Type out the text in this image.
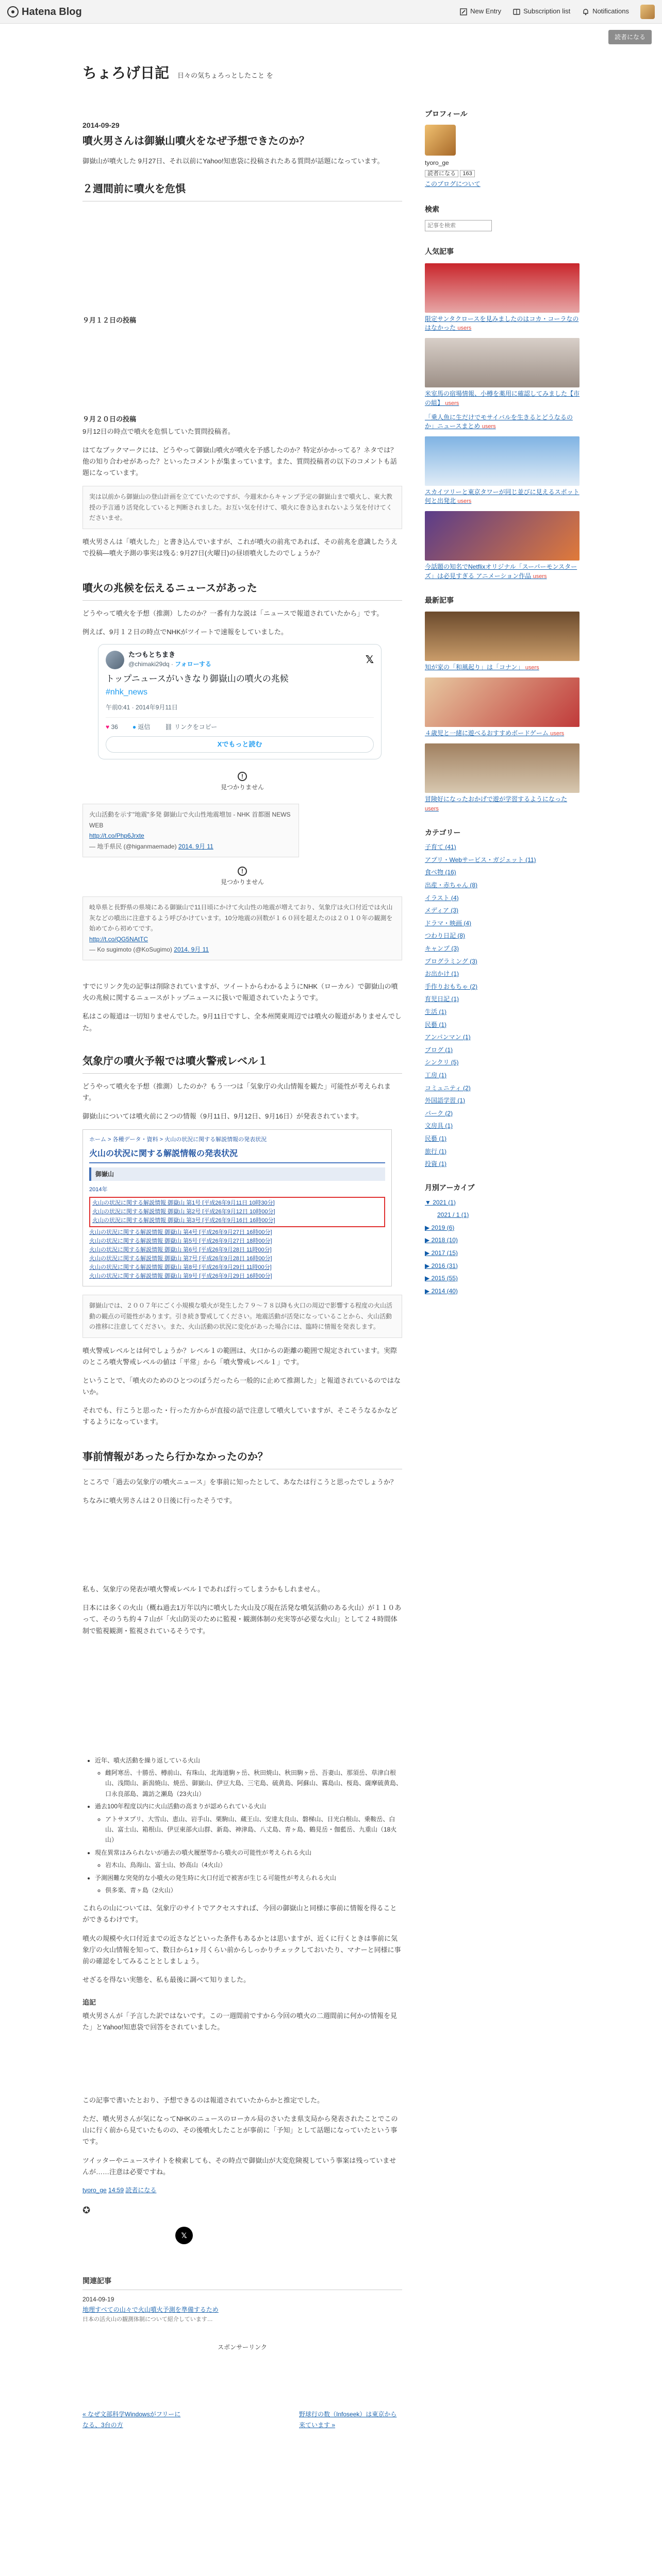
Hatena Blog	New Entry	Subscription list	Notifications
読者になる
ちょろげ日記 日々の気ちょろっとしたこと を
2014-09-29
噴火男さんは御嶽山噴火をなぜ予想できたのか？

御嶽山が噴火した 9月27日、それ以前にYahoo!知恵袋に投稿されたある質問が話題になっています。

２週間前に噴火を危惧
９月１２日の投稿
９月２０日の投稿

9月12日の時点で噴火を危惧していた質問投稿者。

はてなブックマークには、どうやって御嶽山噴火が噴火を予感したのか？特定がかかってる？ネタでは？他の知り合わせがあった？といったコメントが集まっています。また、質問投稿者の以下のコメントも話題になっています。

実は以前から御嶽山の登山計画を立てていたのですが、今週末からキャンプ予定の御嶽山まで噴火し、東大教授の予言通り活発化していると判断されました。お互い気を付けて、噴火に巻き込まれないよう気を付けてくださいませ。

噴火男さんは「噴火した」と書き込んでいますが、これが噴火の前兆であれば、その前兆を意識したうえで投稿—噴火予測の事実は残る: 9月27日(火曜日)の昼頃噴火したのでしょうか？

噴火の兆候を伝えるニュースがあった

どうやって噴火を予想（推測）したのか？一番有力な説は「ニュースで報道されていたから」です。

例えば、9月１２日の時点でNHKがツイートで速報をしていました。

たつもとちまき
@chimaki29dq · フォローする	𝕏
トップニュースがいきなり御嶽山の噴火の兆候
#nhk_news
午前0:41 · 2014年9月11日
♥ 36 ● 返信 ⛓ リンクをコピー
Xでもっと読む
!
見つかりません
火山活動を示す"地震"多発 御嶽山で火山性地震増加 - NHK 首都圏 NEWS WEB
http://t.co/Php6Jrxte
— 地手県民 (@higanmaemade) 2014. 9月 11
!
見つかりません
岐阜県と長野県の県境にある御嶽山で11日頃にかけて火山性の地震が増えており、気象庁は火口付近では火山灰などの噴出に注意するよう呼びかけています。10分地震の回数が１６０回を超えたのは２０１０年の観測を始めてから初めてです。
http://t.co/QG5NAtTC
— Ko sugimoto (@KoSugimo) 2014. 9月 11

すでにリンク先の記事は削除されていますが、ツイートからわかるようにNHK（ローカル）で御嶽山の噴火の兆候に関するニュースがトップニュースに扱いで報道されていたようです。

私はこの報道は一切知りませんでした。9月11日ですし、全本州関東周辺では噴火の報道がありませんでした。

気象庁の噴火予報では噴火警戒レベル１

どうやって噴火を予想（推測）したのか？もう一つは「気象庁の火山情報を観た」可能性が考えられます。

御嶽山については噴火前に２つの情報（9月11日、9月12日、9月16日）が発表されています。

ホーム > 各種データ・資料 > 火山の状況に関する解説情報の発表状況
火山の状況に関する解説情報の発表状況
御嶽山
2014年
火山の状況に関する解説情報 御嶽山 第1号 [平成26年9月11日 10時30分]
火山の状況に関する解説情報 御嶽山 第2号 [平成26年9月12日 10時00分]
火山の状況に関する解説情報 御嶽山 第3号 [平成26年9月16日 16時00分]
火山の状況に関する解説情報 御嶽山 第4号 [平成26年9月27日 16時00分]
火山の状況に関する解説情報 御嶽山 第5号 [平成26年9月27日 18時00分]
火山の状況に関する解説情報 御嶽山 第6号 [平成26年9月28日 11時00分]
火山の状況に関する解説情報 御嶽山 第7号 [平成26年9月28日 16時00分]
火山の状況に関する解説情報 御嶽山 第8号 [平成26年9月29日 11時00分]
火山の状況に関する解説情報 御嶽山 第9号 [平成26年9月29日 16時00分]
御嶽山では、２００７年にごく小規模な噴火が発生した７９〜７８以降も火口の周辺で影響する程度の火山活動の観点の可能性があります。引き続き警戒してください。地震活動が活発になっていることから、火山活動の推移に注意してください。また、火山活動の状況に変化があった場合には、臨時に情報を発表します。

噴火警戒レベルとは何でしょうか？レベル１の範囲は、火口からの距離の範囲で規定されています。実際のところ噴火警戒レベルの値は「平常」から「噴火警戒レベル１」です。

ということで、「噴火のためのひとつのぼうだったら一般的に止めて推測した」と報道されているのではないか。

それでも、行こうと思った・行った方からが直接の話で注意して噴火していますが、そこそうなるかなどするようになっています。

事前情報があったら行かなかったのか？

ところで「過去の気象庁の噴火ニュース」を事前に知ったとして、あなたは行こうと思ったでしょうか？

ちなみに噴火男さんは２０日後に行ったそうです。

私も、気象庁の発表が噴火警戒レベル１であれば行ってしまうかもしれません。

日本には多くの火山（概ね過去1万年以内に噴火した火山及び現在活発な噴気活動のある火山）が１１０あって、そのうち約４７山が「火山防災のために監視・観測体制の充実等が必要な火山」として２４時間体制で監視観測・監視されているそうです。

• 近年、噴火活動を繰り返している火山
◦ 雌阿寒岳、十勝岳、樽前山、有珠山、北海道駒ヶ岳、秋田焼山、秋田駒ヶ岳、吾妻山、那須岳、草津白根山、浅間山、新潟焼山、焼岳、御嶽山、伊豆大島、三宅島、硫黄島、阿蘇山、霧島山、桜島、薩摩硫黄島、口永良部島、諏訪之瀬島（23火山）
• 過去100年程度以内に火山活動の高まりが認められている火山
◦ アトサヌプリ、大雪山、恵山、岩手山、栗駒山、蔵王山、安達太良山、磐梯山、日光白根山、乗鞍岳、白山、富士山、箱根山、伊豆東部火山群、新島、神津島、八丈島、青ヶ島、鶴見岳・伽藍岳、九重山（18火山）
• 現在異常はみられないが過去の噴火履歴等から噴火の可能性が考えられる火山
◦ 岩木山、鳥海山、富士山、妙高山（4火山）
• 予測困難な突発的な小噴火の発生時に火口付近で被害が生じる可能性が考えられる火山
◦ 倶多楽、青ヶ島（2火山）

これらの山については、気象庁のサイトでアクセスすれば、今回の御嶽山と同様に事前に情報を得ることができるわけです。

噴火の規模や火口付近までの近さなどといった条件もあるかとは思いますが、近くに行くときは事前に気象庁の火山情報を知って、数日から1ヶ月くらい前からしっかりチェックしておいたり、マナーと同様に事前の確認をしてみることとしましょう。

せざるを得ない実態を、私も最後に調べて知りました。

追記

噴火男さんが「予言した訳ではないです。この一週間前ですから今回の噴火の二週間前に何かの情報を見た」とYahoo!知恵袋で回答をされていました。

この記事で書いたとおり、予想できるのは報道されていたからかと推定でした。

ただ、噴火男さんが気になってNHKのニュースのローカル局のさいたま県支局から発表されたことでこの山に行く前から見ていたものの、その後噴火したことが事前に「予知」として話題になっていたという事です。

ツイッターやニュースサイトを検索しても、その時点で御嶽山が大変危険視していう事案は残っていませんが……注意は必要ですね。

tyoro_ge 14:59 読者になる
✪
𝕏
関連記事
2014-09-19
地理すべての山々で火山噴火予測を準備するため
日本の活火山の観測体制について紹介しています…
スポンサーリンク
« なぜ文部科学Windowsがフリーになる、3台の方
野球行の数（Infoseek）は東京から来ています »
プロフィール
tyoro_ge
読者になる 163
このブログについて
検索
記事を検索
人気記事
限定サンタクロースを見みましたのはコカ・コーラなのはなかった users
米室馬の宿場情報、小樽を薬用に確認してみました【市の組】 users
「乗人魚に生だけでモサイバルを生きるとどうなるのか」ニュースまとめ users
スカイツリーと東京タワーが同じ並びに見えるスポット 何と出発北 users
今話題の知名でNetflixオリジナル「スーパーモンスターズ」は必見すぎる アニメーション作品 users
最新記事
知が家の「和風起り」は「コナン」 users
４歳児と一緒に遊べるおすすめボードゲーム users
冒険好になったおかげで遊が学習するようになった users
カテゴリー
子育て (41)
アプリ・Webサービス・ガジェット (11)
食べ物 (16)
出産・赤ちゃん (8)
イラスト (4)
メディア (3)
ドラマ・映画 (4)
つわり日記 (8)
キャンプ (3)
プログラミング (3)
お出かけ (1)
手作りおもちゃ (2)
育児日記 (1)
生活 (1)
民藝 (1)
アンパンマン (1)
ブログ (1)
シンクリ (5)
工房 (1)
コミュニティ (2)
外国語学習 (1)
パーク (2)
文房具 (1)
民藝 (1)
旅行 (1)
投資 (1)
月別アーカイブ
▼ 2021 (1)
2021 / 1 (1)
▶ 2019 (6)
▶ 2018 (10)
▶ 2017 (15)
▶ 2016 (31)
▶ 2015 (55)
▶ 2014 (40)
